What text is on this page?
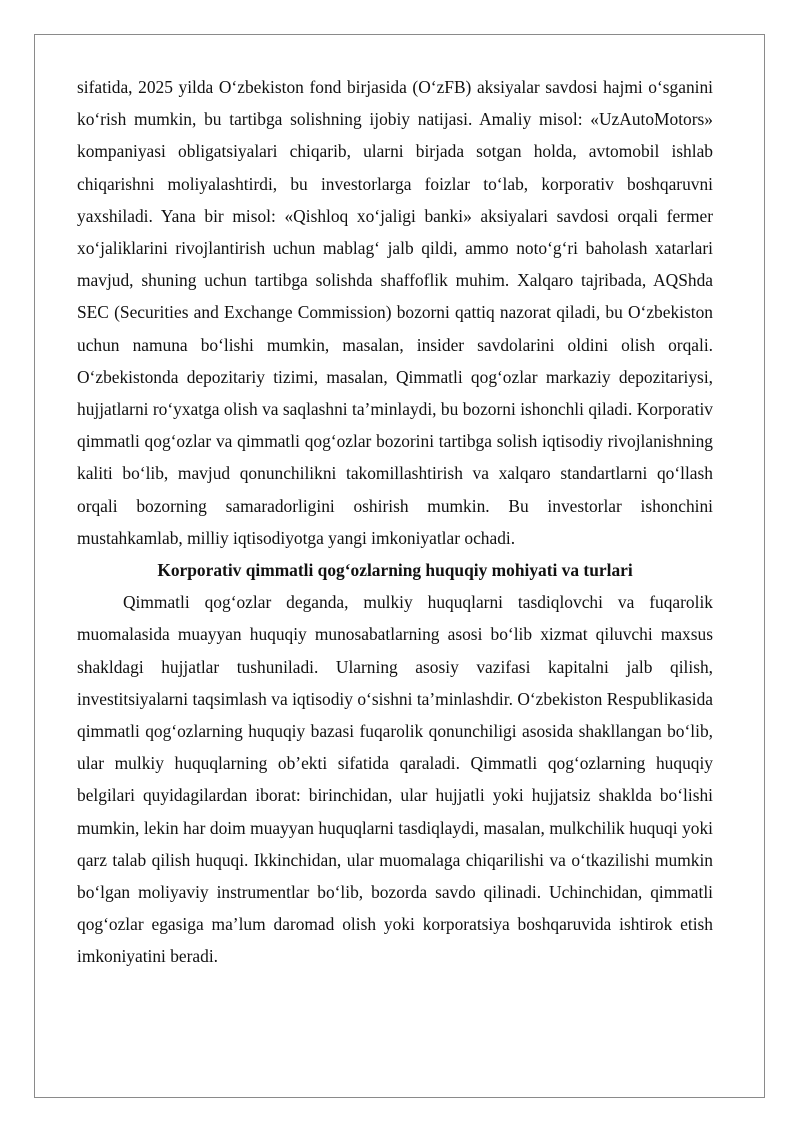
sifatida, 2025 yilda O‘zbekiston fond birjasida (O‘zFB) aksiyalar savdosi hajmi o‘sganini ko‘rish mumkin, bu tartibga solishning ijobiy natijasi. Amaliy misol: «UzAutoMotors» kompaniyasi obligatsiyalari chiqarib, ularni birjada sotgan holda, avtomobil ishlab chiqarishni moliyalashtirdi, bu investorlarga foizlar to‘lab, korporativ boshqaruvni yaxshiladi. Yana bir misol: «Qishloq xo‘jaligi banki» aksiyalari savdosi orqali fermer xo‘jaliklarini rivojlantirish uchun mablag‘ jalb qildi, ammo noto‘g‘ri baholash xatarlari mavjud, shuning uchun tartibga solishda shaffoflik muhim. Xalqaro tajribada, AQShda SEC (Securities and Exchange Commission) bozorni qattiq nazorat qiladi, bu O‘zbekiston uchun namuna bo‘lishi mumkin, masalan, insider savdolarini oldini olish orqali. O‘zbekistonda depozitariy tizimi, masalan, Qimmatli qog‘ozlar markaziy depozitariysi, hujjatlarni ro‘yxatga olish va saqlashni ta’minlaydi, bu bozorni ishonchli qiladi. Korporativ qimmatli qog‘ozlar va qimmatli qog‘ozlar bozorini tartibga solish iqtisodiy rivojlanishning kaliti bo‘lib, mavjud qonunchilikni takomillashtirish va xalqaro standartlarni qo‘llash orqali bozorning samaradorligini oshirish mumkin. Bu investorlar ishonchini mustahkamlab, milliy iqtisodiyotga yangi imkoniyatlar ochadi.

Korporativ qimmatli qog‘ozlarning huquqiy mohiyati va turlari

Qimmatli qog‘ozlar deganda, mulkiy huquqlarni tasdiqlovchi va fuqarolik muomalasida muayyan huquqiy munosabatlarning asosi bo‘lib xizmat qiluvchi maxsus shakldagi hujjatlar tushuniladi. Ularning asosiy vazifasi kapitalni jalb qilish, investitsiyalarni taqsimlash va iqtisodiy o‘sishni ta’minlashdir. O‘zbekiston Respublikasida qimmatli qog‘ozlarning huquqiy bazasi fuqarolik qonunchiligi asosida shakllangan bo‘lib, ular mulkiy huquqlarning ob’ekti sifatida qaraladi. Qimmatli qog‘ozlarning huquqiy belgilari quyidagilardan iborat: birinchidan, ular hujjatli yoki hujjatsiz shaklda bo‘lishi mumkin, lekin har doim muayyan huquqlarni tasdiqlaydi, masalan, mulkchilik huquqi yoki qarz talab qilish huquqi. Ikkinchidan, ular muomalaga chiqarilishi va o‘tkazilishi mumkin bo‘lgan moliyaviy instrumentlar bo‘lib, bozorda savdo qilinadi. Uchinchidan, qimmatli qog‘ozlar egasiga ma’lum daromad olish yoki korporatsiya boshqaruvida ishtirok etish imkoniyatini beradi.
